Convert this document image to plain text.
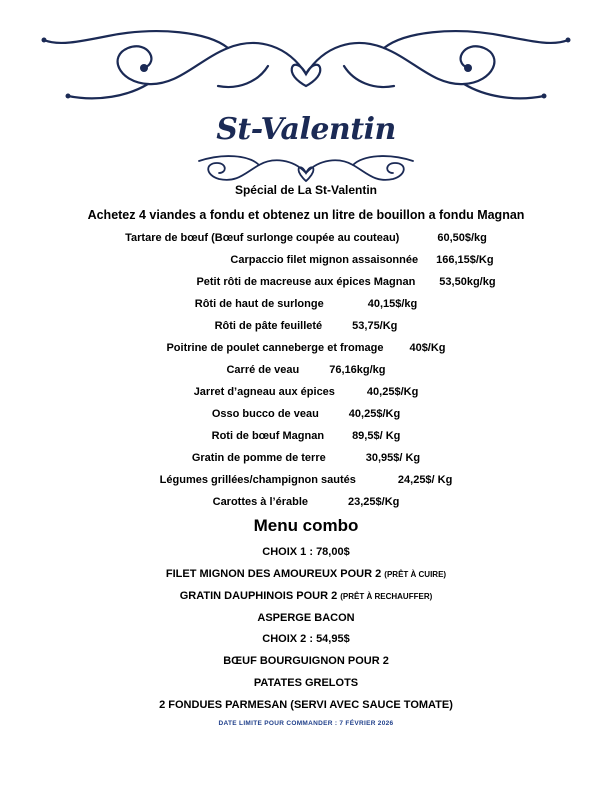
St-Valentin
Spécial de La St-Valentin
Achetez 4 viandes a fondu et obtenez un litre de bouillon a fondu Magnan
Tartare de bœuf (Bœuf surlonge coupée au couteau)	60,50$/kg
Carpaccio filet mignon assaisonnée 166,15$/Kg
Petit rôti de macreuse aux épices Magnan 53,50kg/kg
Rôti de haut de surlonge	40,15$/kg
Rôti de pâte feuilleté	53,75/Kg
Poitrine de poulet canneberge et fromage 40$/Kg
Carré de veau	76,16kg/kg
Jarret d’agneau aux épices	40,25$/Kg
Osso bucco de veau	40,25$/Kg
Roti de bœuf Magnan	89,5$/ Kg
Gratin de pomme de terre	30,95$/ Kg
Légumes grillées/champignon sautés	24,25$/ Kg
Carottes à l’érable	23,25$/Kg
Menu combo
CHOIX 1 : 78,00$
FILET MIGNON DES AMOUREUX POUR 2 (PRÊT À CUIRE)
GRATIN DAUPHINOIS POUR 2 (PRÊT À RECHAUFFER)
ASPERGE BACON
CHOIX 2 : 54,95$
BŒUF BOURGUIGNON POUR 2
PATATES GRELOTS
2 FONDUES PARMESAN (SERVI AVEC SAUCE TOMATE)
DATE LIMITE POUR COMMANDER : 7 FÉVRIER 2026
